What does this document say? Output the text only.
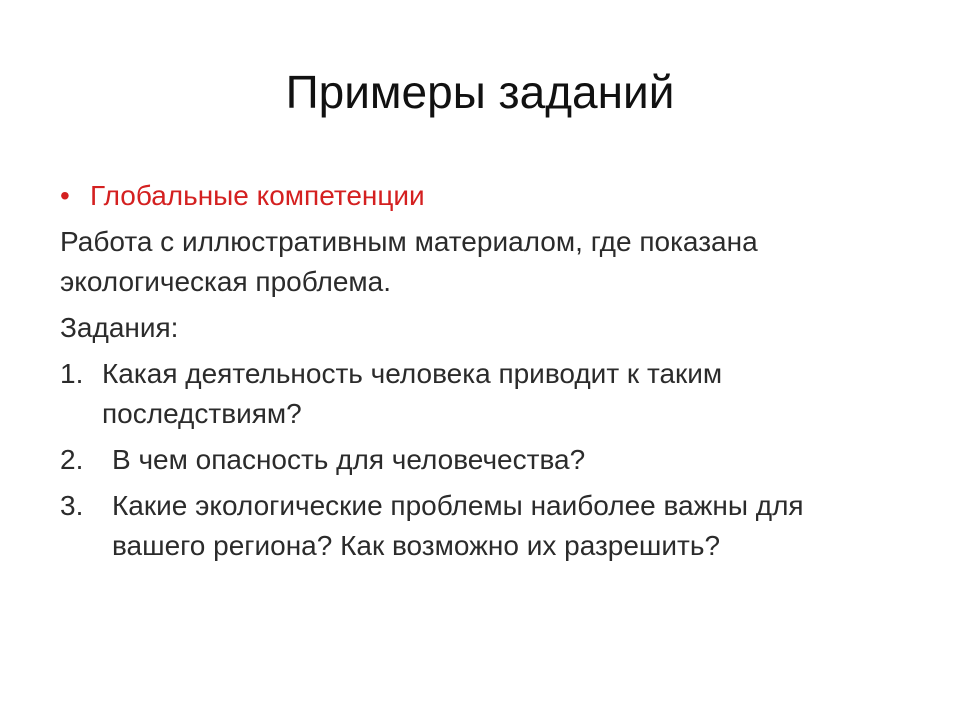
Примеры заданий
• Глобальные компетенции

Работа с иллюстративным материалом, где показана экологическая проблема.

Задания:

1. Какая деятельность человека приводит к таким последствиям?
2.	В чем опасность для человечества?
3.	Какие экологические проблемы наиболее важны для вашего региона? Как возможно их разрешить?
